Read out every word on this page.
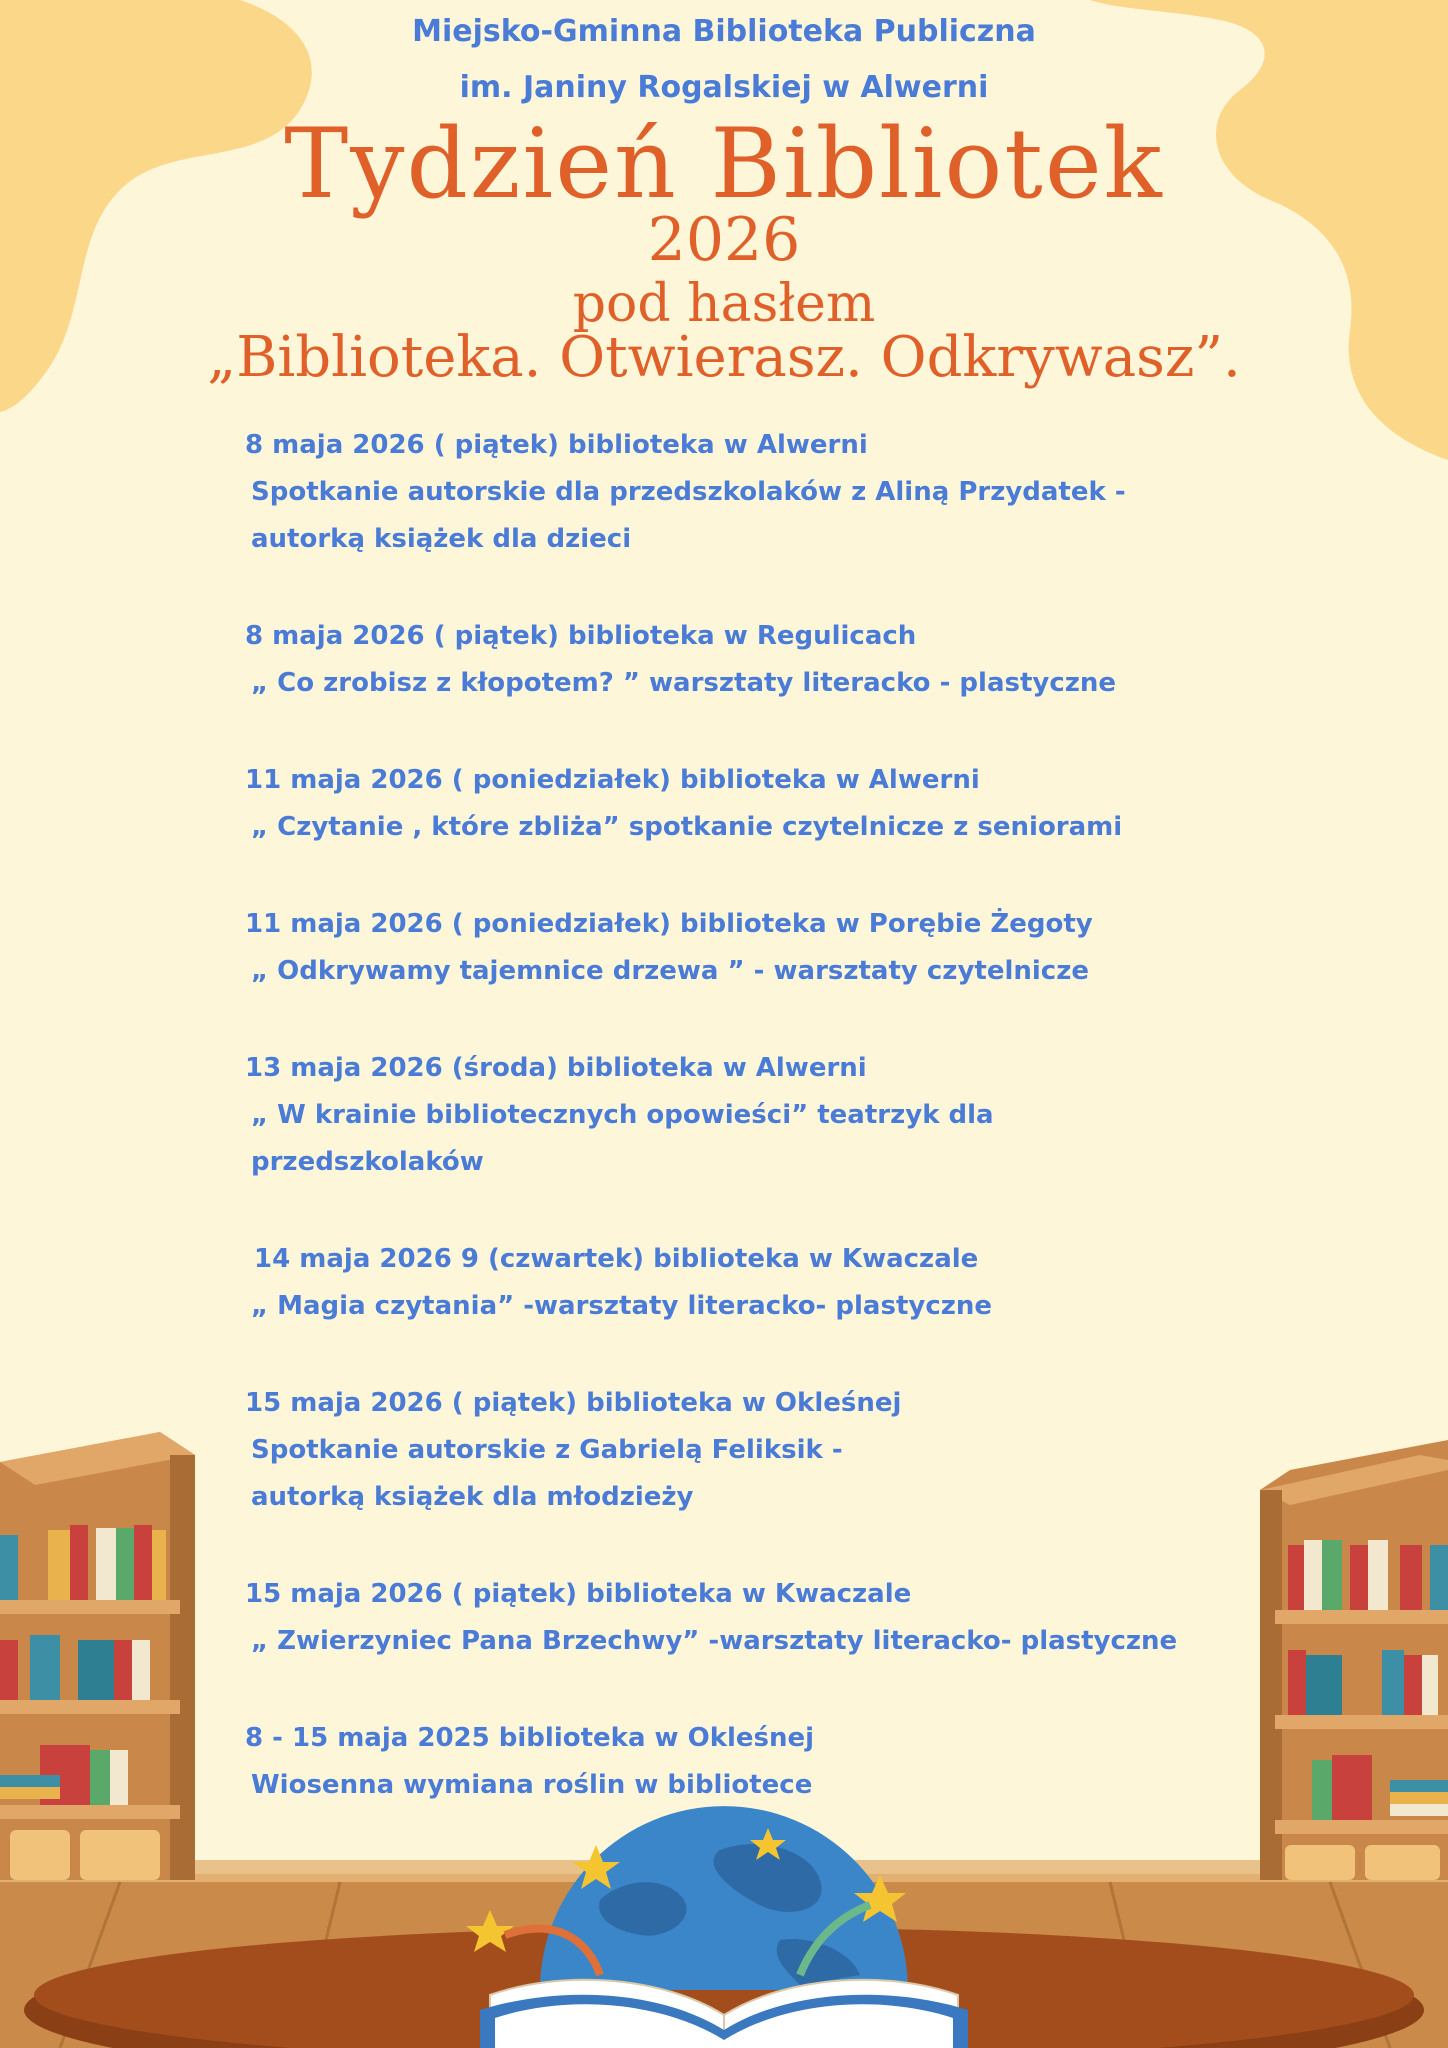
Miejsko-Gminna Biblioteka Publiczna
im. Janiny Rogalskiej w Alwerni
Tydzień Bibliotek
2026
pod hasłem
„Biblioteka. Otwierasz. Odkrywasz”.
8 maja 2026 ( piątek) biblioteka w Alwerni
Spotkanie autorskie dla przedszkolaków z Aliną Przydatek -
autorką książek dla dzieci
8 maja 2026 ( piątek) biblioteka w Regulicach
„ Co zrobisz z kłopotem? ” warsztaty literacko - plastyczne
11 maja 2026 ( poniedziałek) biblioteka w Alwerni
„ Czytanie , które zbliża” spotkanie czytelnicze z seniorami
11 maja 2026 ( poniedziałek) biblioteka w Porębie Żegoty
„ Odkrywamy tajemnice drzewa ” - warsztaty czytelnicze
13 maja 2026 (środa) biblioteka w Alwerni
„ W krainie bibliotecznych opowieści” teatrzyk dla
przedszkolaków
14 maja 2026 9 (czwartek) biblioteka w Kwaczale
„ Magia czytania” -warsztaty literacko- plastyczne
15 maja 2026 ( piątek) biblioteka w Okleśnej
Spotkanie autorskie z Gabrielą Feliksik -
autorką książek dla młodzieży
15 maja 2026 ( piątek) biblioteka w Kwaczale
„ Zwierzyniec Pana Brzechwy” -warsztaty literacko- plastyczne
8 - 15 maja 2025 biblioteka w Okleśnej
Wiosenna wymiana roślin w bibliotece
